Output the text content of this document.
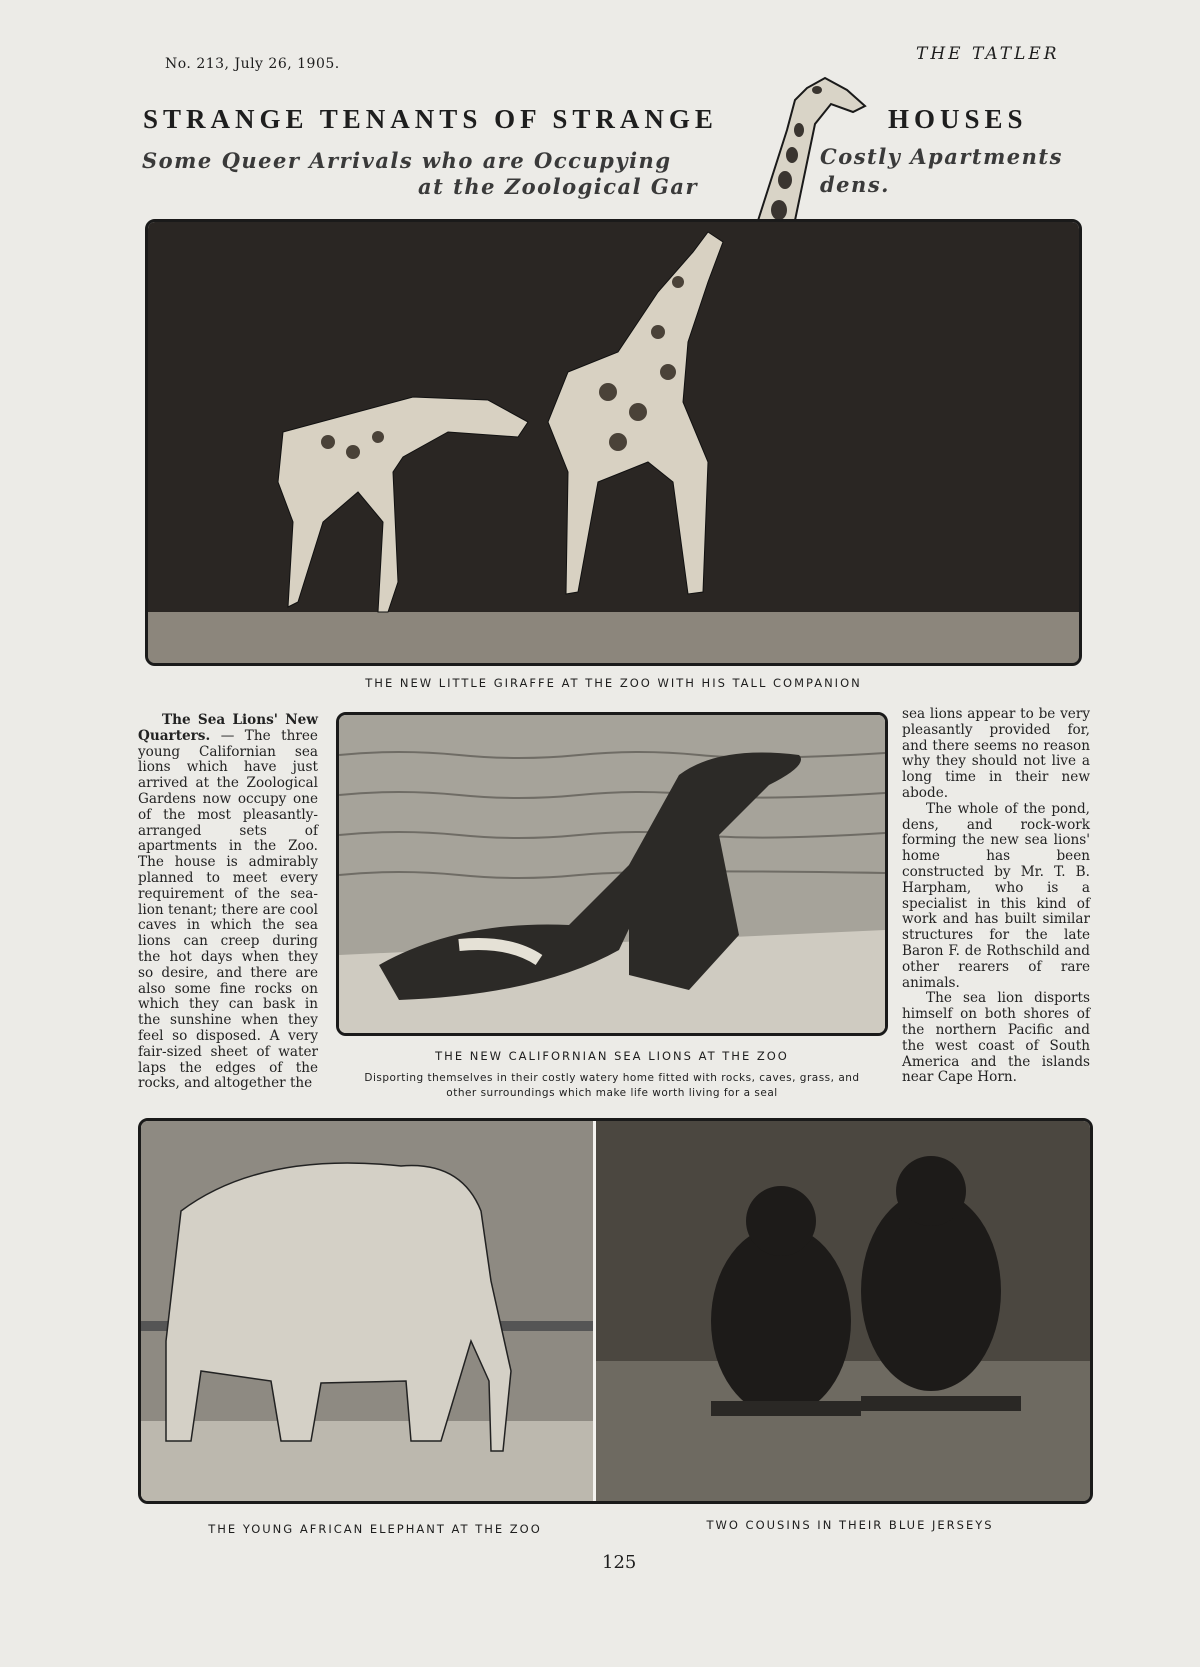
No. 213, July 26, 1905.	THE TATLER
STRANGE TENANTS OF STRANGE	HOUSES
Some Queer Arrivals who are Occupying	Costly Apartments
at the Zoological Gar	dens.
THE NEW LITTLE GIRAFFE AT THE ZOO WITH HIS TALL COMPANION

The Sea Lions' New Quarters. — The three young Californian sea lions which have just arrived at the Zoological Gardens now occupy one of the most pleasantly-arranged sets of apartments in the Zoo. The house is admirably planned to meet every requirement of the sea-lion tenant; there are cool caves in which the sea lions can creep during the hot days when they so desire, and there are also some fine rocks on which they can bask in the sunshine when they feel so disposed. A very fair-sized sheet of water laps the edges of the rocks, and altogether the

THE NEW CALIFORNIAN SEA LIONS AT THE ZOO
Disporting themselves in their costly watery home fitted with rocks, caves, grass, and
other surroundings which make life worth living for a seal

sea lions appear to be very pleasantly provided for, and there seems no reason why they should not live a long time in their new abode.

The whole of the pond, dens, and rock-work forming the new sea lions' home has been constructed by Mr. T. B. Harpham, who is a specialist in this kind of work and has built similar structures for the late Baron F. de Rothschild and other rearers of rare animals.

The sea lion disports himself on both shores of the northern Pacific and the west coast of South America and the islands near Cape Horn.

THE YOUNG AFRICAN ELEPHANT AT THE ZOO	TWO COUSINS IN THEIR BLUE JERSEYS
125
